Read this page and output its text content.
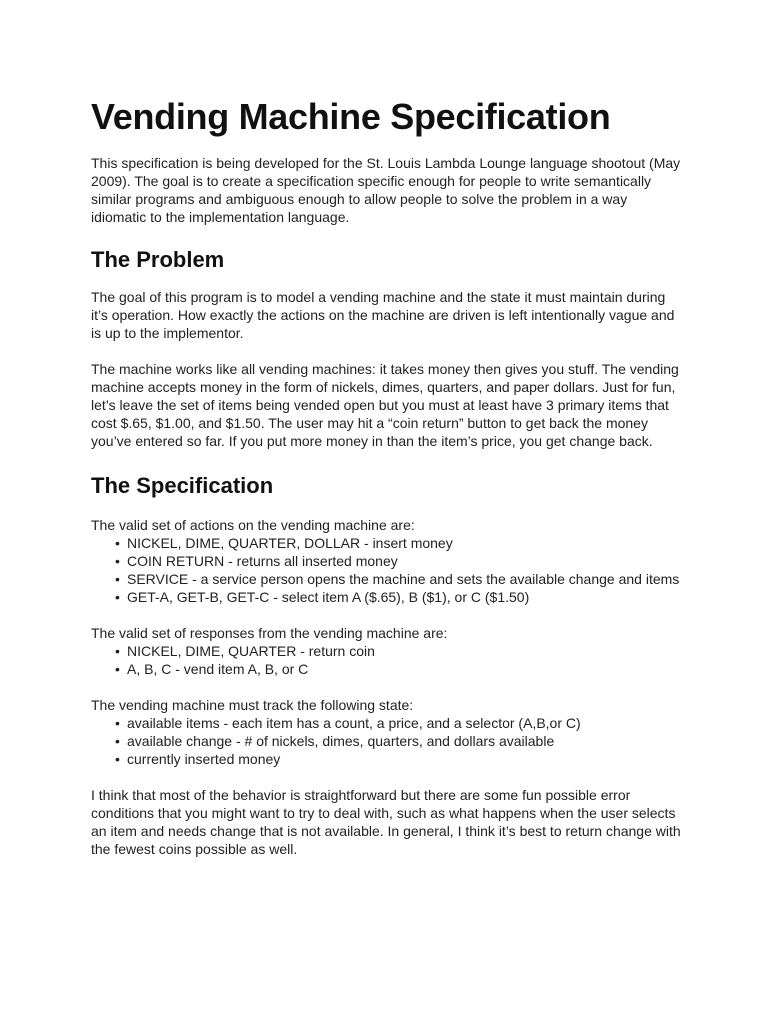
Vending Machine Specification

This specification is being developed for the St. Louis Lambda Lounge language shootout (May 2009). The goal is to create a specification specific enough for people to write semantically similar programs and ambiguous enough to allow people to solve the problem in a way idiomatic to the implementation language.

The Problem

The goal of this program is to model a vending machine and the state it must maintain during it’s operation. How exactly the actions on the machine are driven is left intentionally vague and is up to the implementor.

The machine works like all vending machines: it takes money then gives you stuff. The vending machine accepts money in the form of nickels, dimes, quarters, and paper dollars. Just for fun, let’s leave the set of items being vended open but you must at least have 3 primary items that cost $.65, $1.00, and $1.50. The user may hit a “coin return” button to get back the money you’ve entered so far. If you put more money in than the item’s price, you get change back.

The Specification

The valid set of actions on the vending machine are:

• NICKEL, DIME, QUARTER, DOLLAR - insert money
• COIN RETURN - returns all inserted money
• SERVICE - a service person opens the machine and sets the available change and items
• GET-A, GET-B, GET-C - select item A ($.65), B ($1), or C ($1.50)

The valid set of responses from the vending machine are:

• NICKEL, DIME, QUARTER - return coin
• A, B, C - vend item A, B, or C

The vending machine must track the following state:

• available items - each item has a count, a price, and a selector (A,B,or C)
• available change - # of nickels, dimes, quarters, and dollars available
• currently inserted money

I think that most of the behavior is straightforward but there are some fun possible error conditions that you might want to try to deal with, such as what happens when the user selects an item and needs change that is not available. In general, I think it’s best to return change with the fewest coins possible as well.
